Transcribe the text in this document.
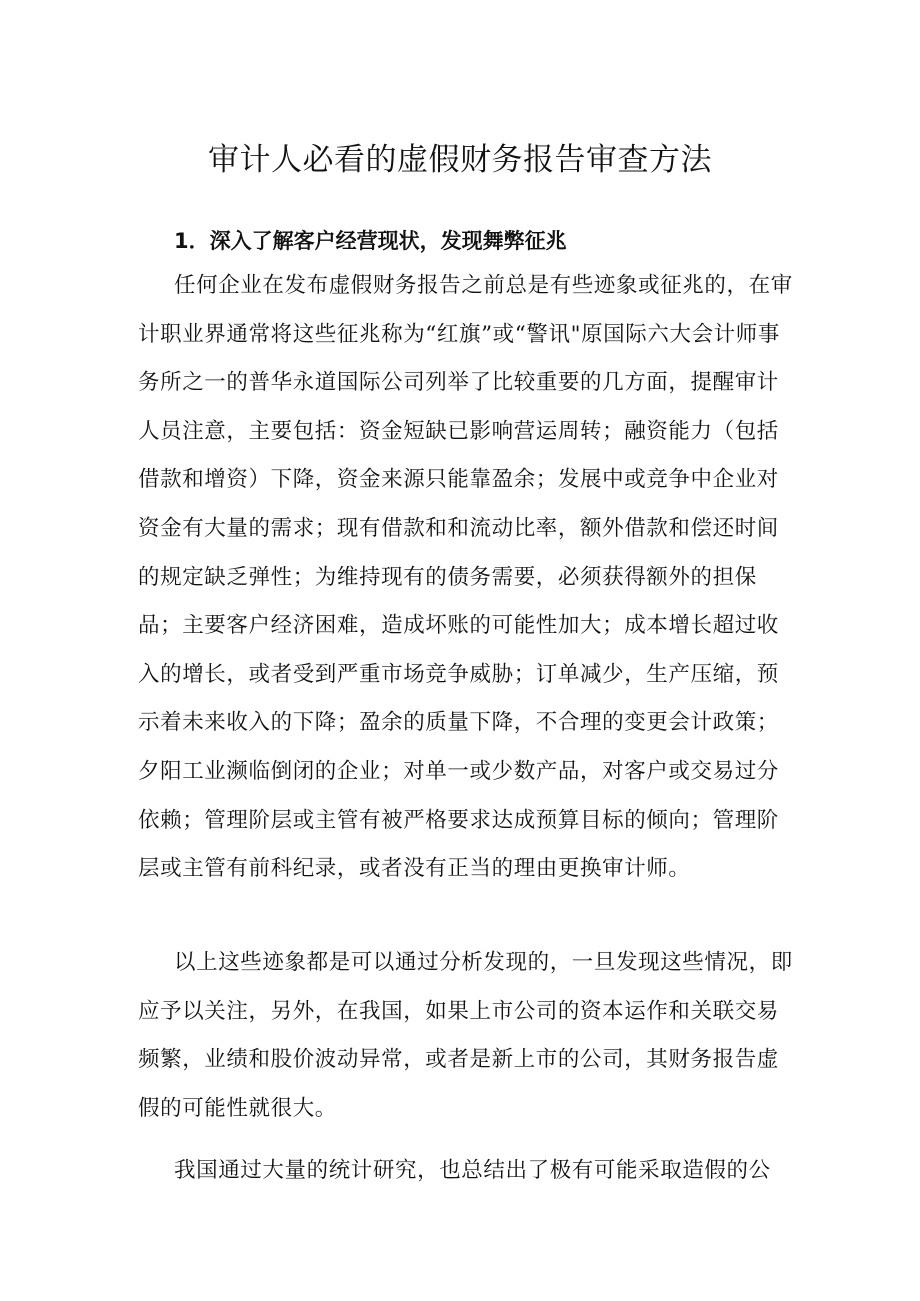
审计人必看的虚假财务报告审查方法
1．深入了解客户经营现状，发现舞弊征兆

任何企业在发布虚假财务报告之前总是有些迹象或征兆的，在审计职业界通常将这些征兆称为“红旗”或“警讯"原国际六大会计师事务所之一的普华永道国际公司列举了比较重要的几方面，提醒审计人员注意，主要包括：资金短缺已影响营运周转；融资能力（包括借款和增资）下降，资金来源只能靠盈余；发展中或竞争中企业对资金有大量的需求；现有借款和和流动比率，额外借款和偿还时间的规定缺乏弹性；为维持现有的债务需要，必须获得额外的担保品；主要客户经济困难，造成坏账的可能性加大；成本增长超过收入的增长，或者受到严重市场竞争威胁；订单减少，生产压缩，预示着未来收入的下降；盈余的质量下降，不合理的变更会计政策；夕阳工业濒临倒闭的企业；对单一或少数产品，对客户或交易过分依赖；管理阶层或主管有被严格要求达成预算目标的倾向；管理阶层或主管有前科纪录，或者没有正当的理由更换审计师。

以上这些迹象都是可以通过分析发现的，一旦发现这些情况，即应予以关注，另外，在我国，如果上市公司的资本运作和关联交易频繁，业绩和股价波动异常，或者是新上市的公司，其财务报告虚假的可能性就很大。

我国通过大量的统计研究，也总结出了极有可能采取造假的公
